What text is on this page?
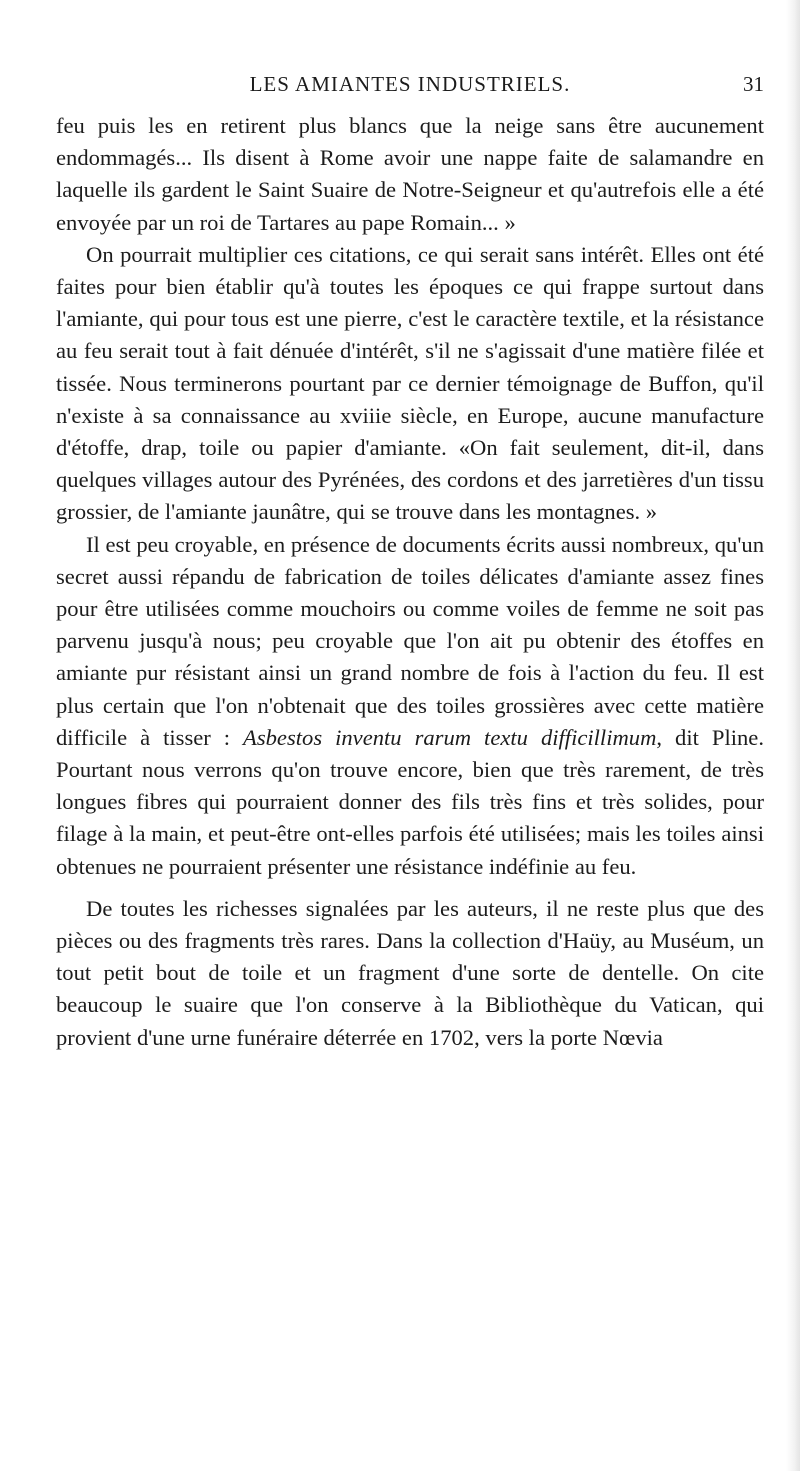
LES AMIANTES INDUSTRIELS.	31

feu puis les en retirent plus blancs que la neige sans être aucunement endommagés... Ils disent à Rome avoir une nappe faite de salamandre en laquelle ils gardent le Saint Suaire de Notre-Seigneur et qu'autrefois elle a été envoyée par un roi de Tartares au pape Romain... »

On pourrait multiplier ces citations, ce qui serait sans intérêt. Elles ont été faites pour bien établir qu'à toutes les époques ce qui frappe surtout dans l'amiante, qui pour tous est une pierre, c'est le caractère textile, et la résistance au feu serait tout à fait dénuée d'intérêt, s'il ne s'agissait d'une matière filée et tissée. Nous terminerons pourtant par ce dernier témoignage de Buffon, qu'il n'existe à sa connaissance au xviiie siècle, en Europe, aucune manufacture d'étoffe, drap, toile ou papier d'amiante. «On fait seulement, dit-il, dans quelques villages autour des Pyrénées, des cordons et des jarretières d'un tissu grossier, de l'amiante jaunâtre, qui se trouve dans les montagnes. »

Il est peu croyable, en présence de documents écrits aussi nombreux, qu'un secret aussi répandu de fabrication de toiles délicates d'amiante assez fines pour être utilisées comme mouchoirs ou comme voiles de femme ne soit pas parvenu jusqu'à nous; peu croyable que l'on ait pu obtenir des étoffes en amiante pur résistant ainsi un grand nombre de fois à l'action du feu. Il est plus certain que l'on n'obtenait que des toiles grossières avec cette matière difficile à tisser : Asbestos inventu rarum textu difficillimum, dit Pline. Pourtant nous verrons qu'on trouve encore, bien que très rarement, de très longues fibres qui pourraient donner des fils très fins et très solides, pour filage à la main, et peut-être ont-elles parfois été utilisées; mais les toiles ainsi obtenues ne pourraient présenter une résistance indéfinie au feu.

De toutes les richesses signalées par les auteurs, il ne reste plus que des pièces ou des fragments très rares. Dans la collection d'Haüy, au Muséum, un tout petit bout de toile et un fragment d'une sorte de dentelle. On cite beaucoup le suaire que l'on conserve à la Bibliothèque du Vatican, qui provient d'une urne funéraire déterrée en 1702, vers la porte Nœvia
